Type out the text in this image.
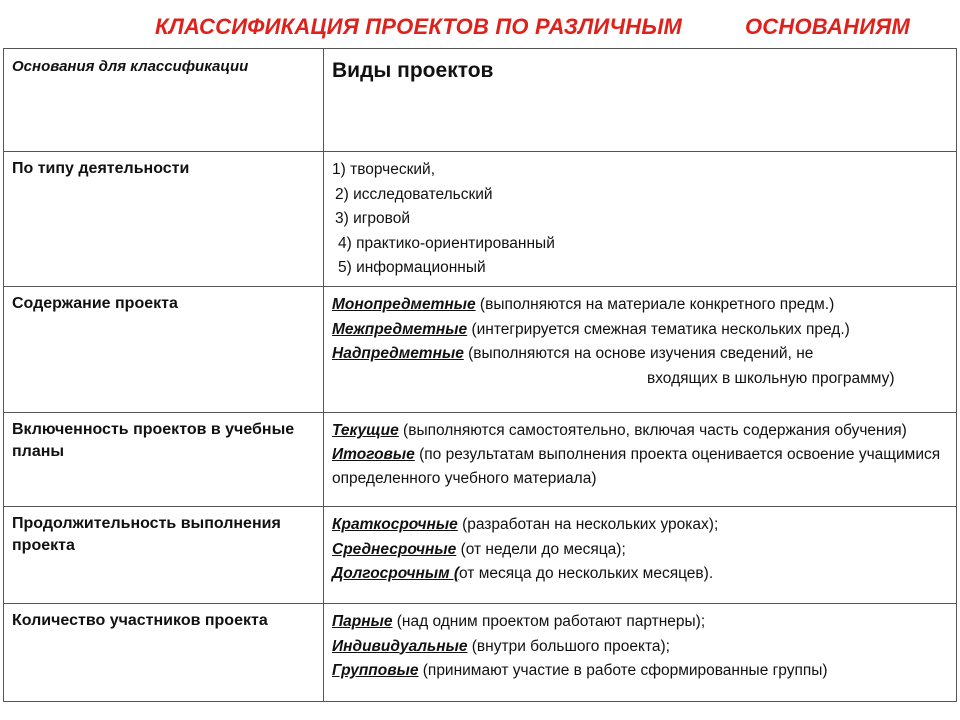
КЛАССИФИКАЦИЯ ПРОЕКТОВ ПО РАЗЛИЧНЫМ	ОСНОВАНИЯМ
Основания для классификации	Виды проектов

По типу деятельности	1) творческий,
2) исследовательский
3) игровой
4) практико-ориентированный
5) информационный

Содержание проекта	Монопредметные (выполняются на материале конкретного предм.)
Межпредметные (интегрируется смежная тематика нескольких пред.)
Надпредметные (выполняются на основе изучения сведений, не
входящих в школьную программу)

Включенность проектов в учебные планы	Текущие (выполняются самостоятельно, включая часть содержания обучения) Итоговые (по результатам выполнения проекта оценивается освоение учащимися определенного учебного материала)
Продолжительность выполнения проекта	Краткосрочные (разработан на нескольких уроках);
Среднесрочные (от недели до месяца);
Долгосрочным (от месяца до нескольких месяцев).

Количество участников проекта	Парные (над одним проектом работают партнеры);
Индивидуальные (внутри большого проекта);
Групповые (принимают участие в работе сформированные группы)
